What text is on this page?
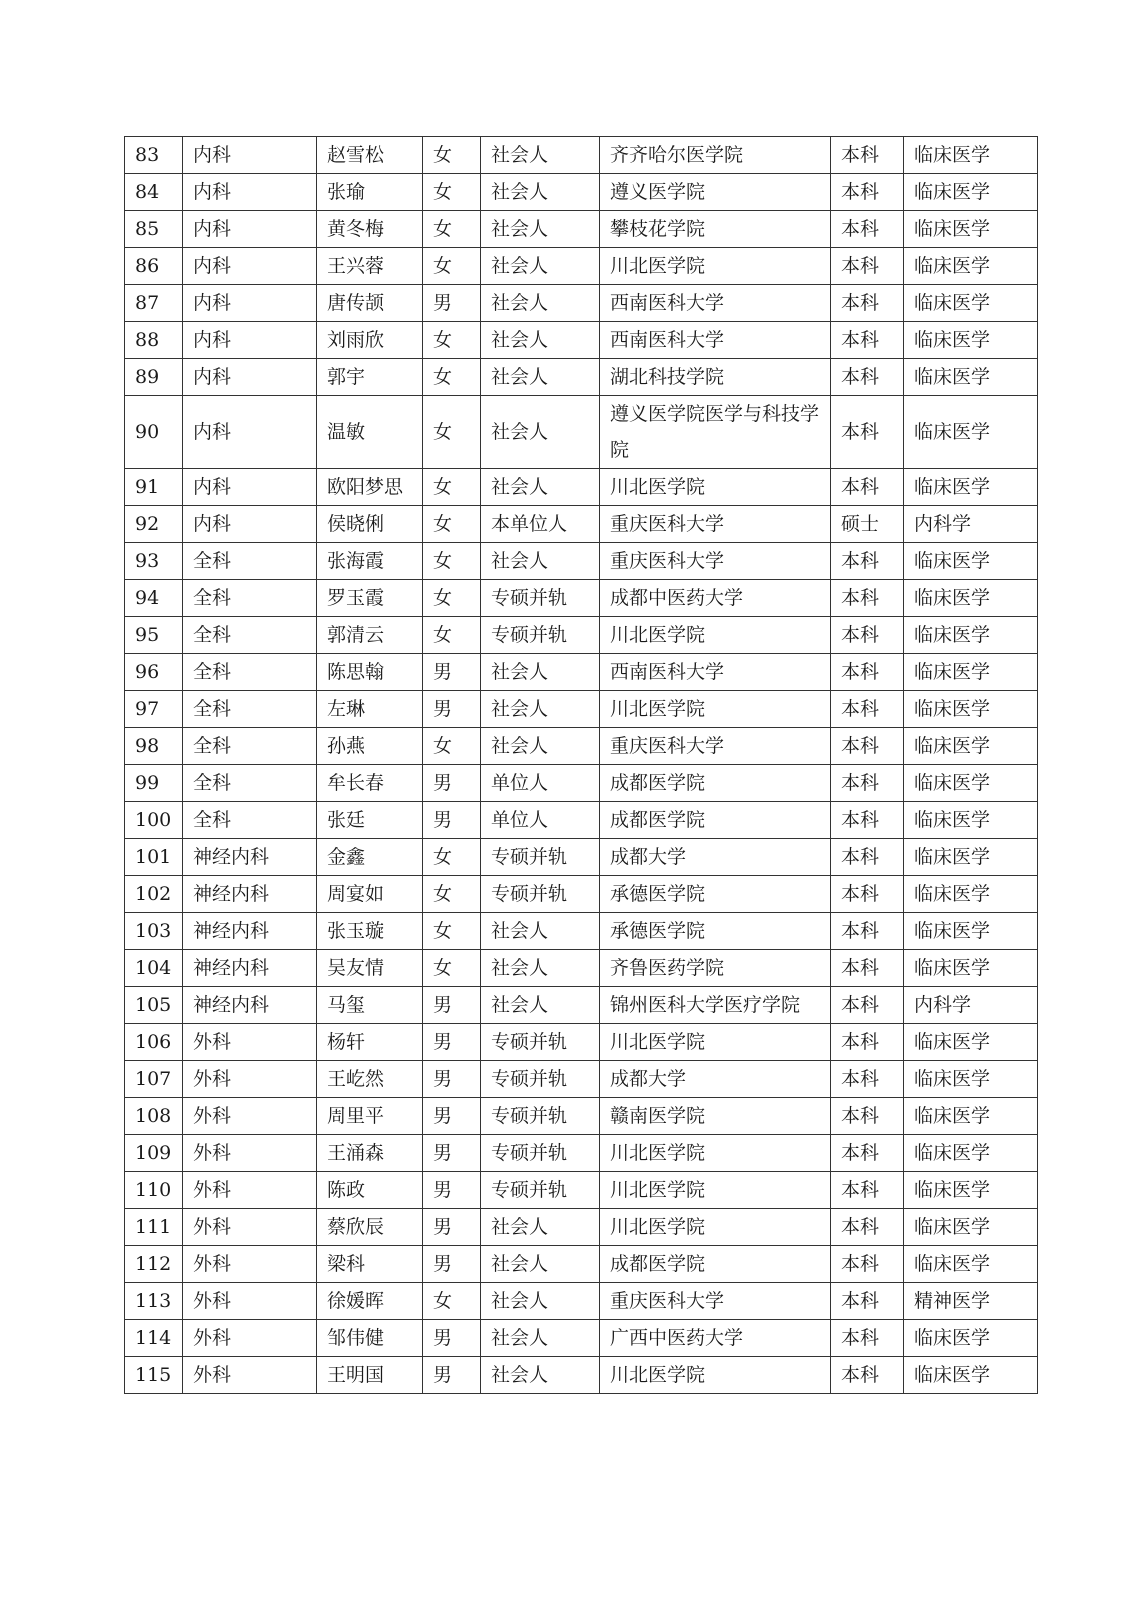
83	内科	赵雪松	女	社会人	齐齐哈尔医学院	本科	临床医学
84	内科	张瑜	女	社会人	遵义医学院	本科	临床医学
85	内科	黄冬梅	女	社会人	攀枝花学院	本科	临床医学
86	内科	王兴蓉	女	社会人	川北医学院	本科	临床医学
87	内科	唐传颉	男	社会人	西南医科大学	本科	临床医学
88	内科	刘雨欣	女	社会人	西南医科大学	本科	临床医学
89	内科	郭宇	女	社会人	湖北科技学院	本科	临床医学
90	内科	温敏	女	社会人	遵义医学院医学与科技学院	本科	临床医学
91	内科	欧阳梦思	女	社会人	川北医学院	本科	临床医学
92	内科	侯晓俐	女	本单位人	重庆医科大学	硕士	内科学
93	全科	张海霞	女	社会人	重庆医科大学	本科	临床医学
94	全科	罗玉霞	女	专硕并轨	成都中医药大学	本科	临床医学
95	全科	郭清云	女	专硕并轨	川北医学院	本科	临床医学
96	全科	陈思翰	男	社会人	西南医科大学	本科	临床医学
97	全科	左琳	男	社会人	川北医学院	本科	临床医学
98	全科	孙燕	女	社会人	重庆医科大学	本科	临床医学
99	全科	牟长春	男	单位人	成都医学院	本科	临床医学
100	全科	张廷	男	单位人	成都医学院	本科	临床医学
101	神经内科	金鑫	女	专硕并轨	成都大学	本科	临床医学
102	神经内科	周宴如	女	专硕并轨	承德医学院	本科	临床医学
103	神经内科	张玉璇	女	社会人	承德医学院	本科	临床医学
104	神经内科	吴友情	女	社会人	齐鲁医药学院	本科	临床医学
105	神经内科	马玺	男	社会人	锦州医科大学医疗学院	本科	内科学
106	外科	杨轩	男	专硕并轨	川北医学院	本科	临床医学
107	外科	王屹然	男	专硕并轨	成都大学	本科	临床医学
108	外科	周里平	男	专硕并轨	赣南医学院	本科	临床医学
109	外科	王涌森	男	专硕并轨	川北医学院	本科	临床医学
110	外科	陈政	男	专硕并轨	川北医学院	本科	临床医学
111	外科	蔡欣辰	男	社会人	川北医学院	本科	临床医学
112	外科	梁科	男	社会人	成都医学院	本科	临床医学
113	外科	徐媛晖	女	社会人	重庆医科大学	本科	精神医学
114	外科	邹伟健	男	社会人	广西中医药大学	本科	临床医学
115	外科	王明国	男	社会人	川北医学院	本科	临床医学
